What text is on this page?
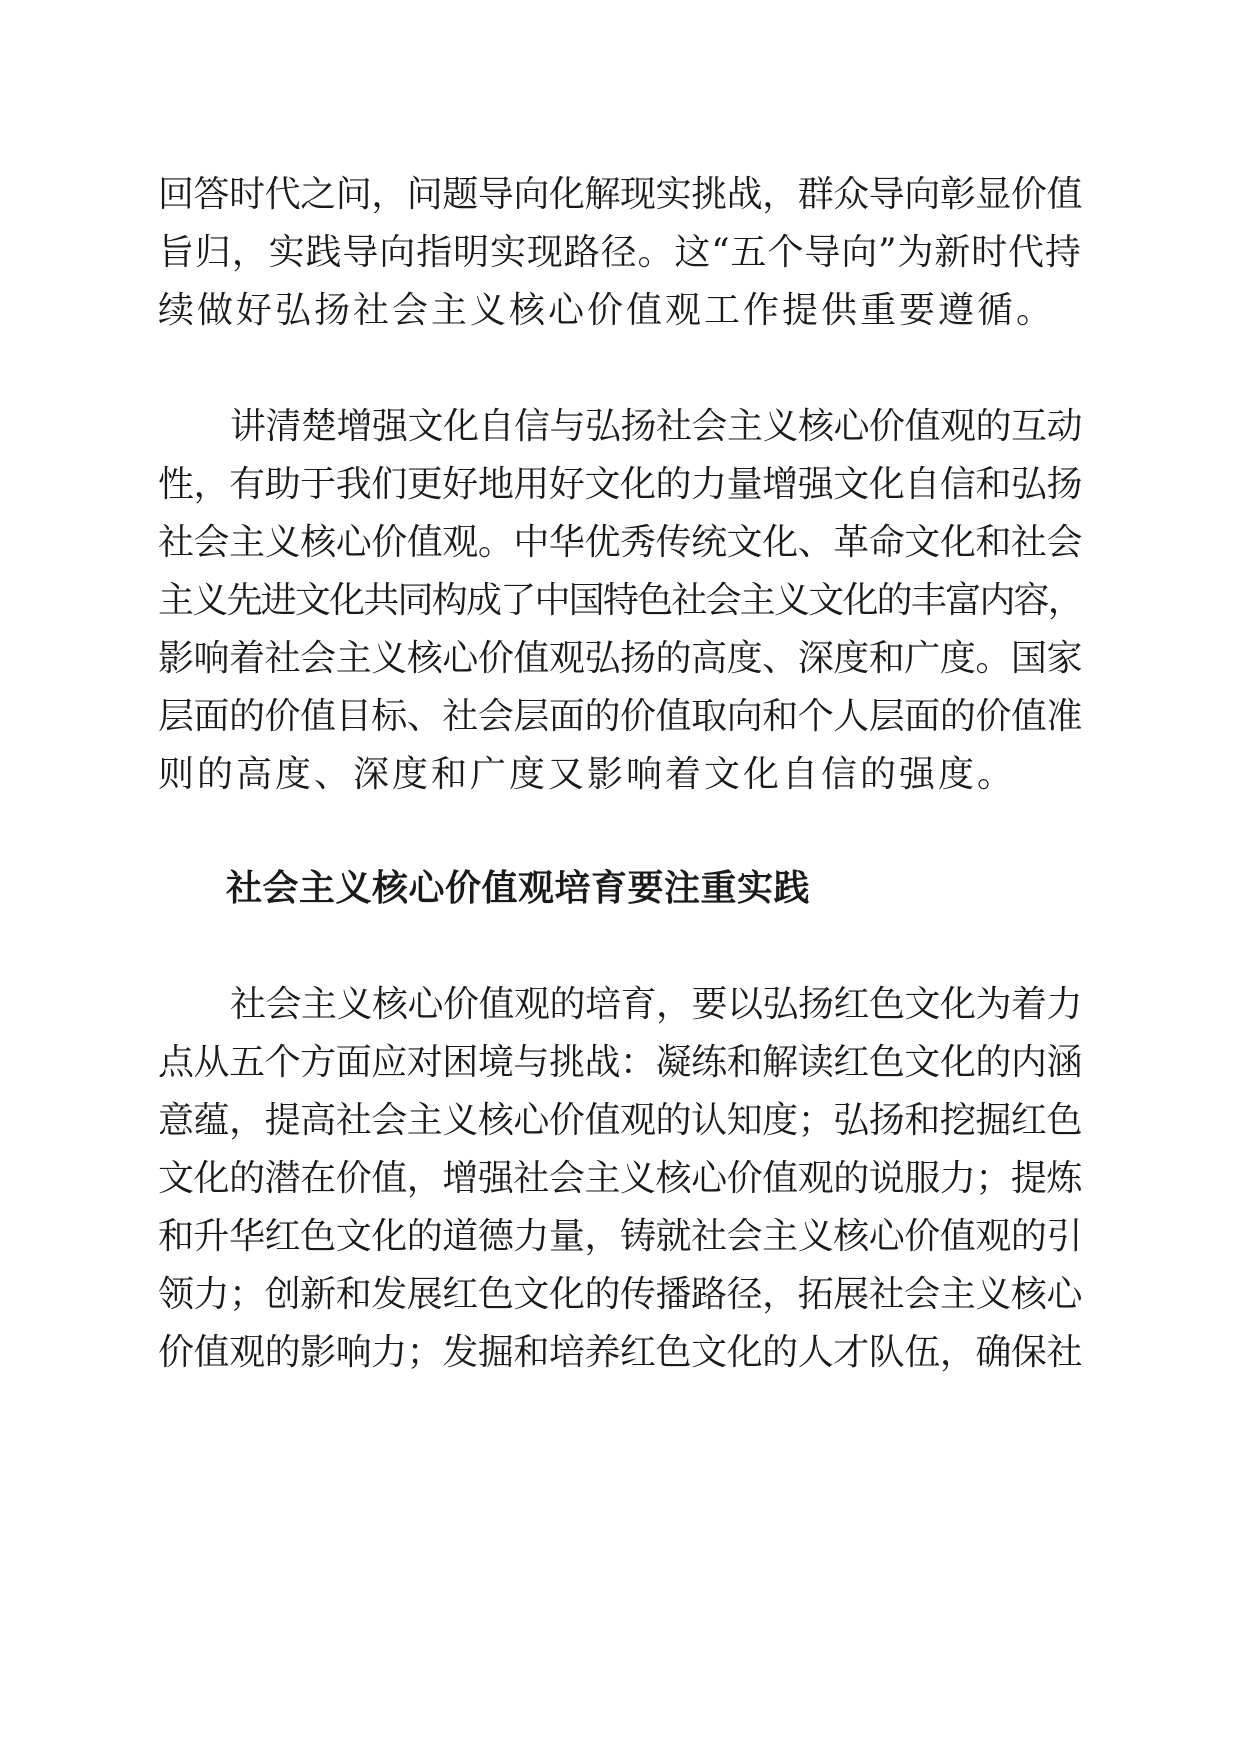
回答时代之问，问题导向化解现实挑战，群众导向彰显价值
旨归，实践导向指明实现路径。这“五个导向”为新时代持
续做好弘扬社会主义核心价值观工作提供重要遵循。
讲清楚增强文化自信与弘扬社会主义核心价值观的互动
性，有助于我们更好地用好文化的力量增强文化自信和弘扬
社会主义核心价值观。中华优秀传统文化、革命文化和社会
主义先进文化共同构成了中国特色社会主义文化的丰富内容，
影响着社会主义核心价值观弘扬的高度、深度和广度。国家
层面的价值目标、社会层面的价值取向和个人层面的价值准
则的高度、深度和广度又影响着文化自信的强度。
社会主义核心价值观培育要注重实践
社会主义核心价值观的培育，要以弘扬红色文化为着力
点从五个方面应对困境与挑战：凝练和解读红色文化的内涵
意蕴，提高社会主义核心价值观的认知度；弘扬和挖掘红色
文化的潜在价值，增强社会主义核心价值观的说服力；提炼
和升华红色文化的道德力量，铸就社会主义核心价值观的引
领力；创新和发展红色文化的传播路径，拓展社会主义核心
价值观的影响力；发掘和培养红色文化的人才队伍，确保社
